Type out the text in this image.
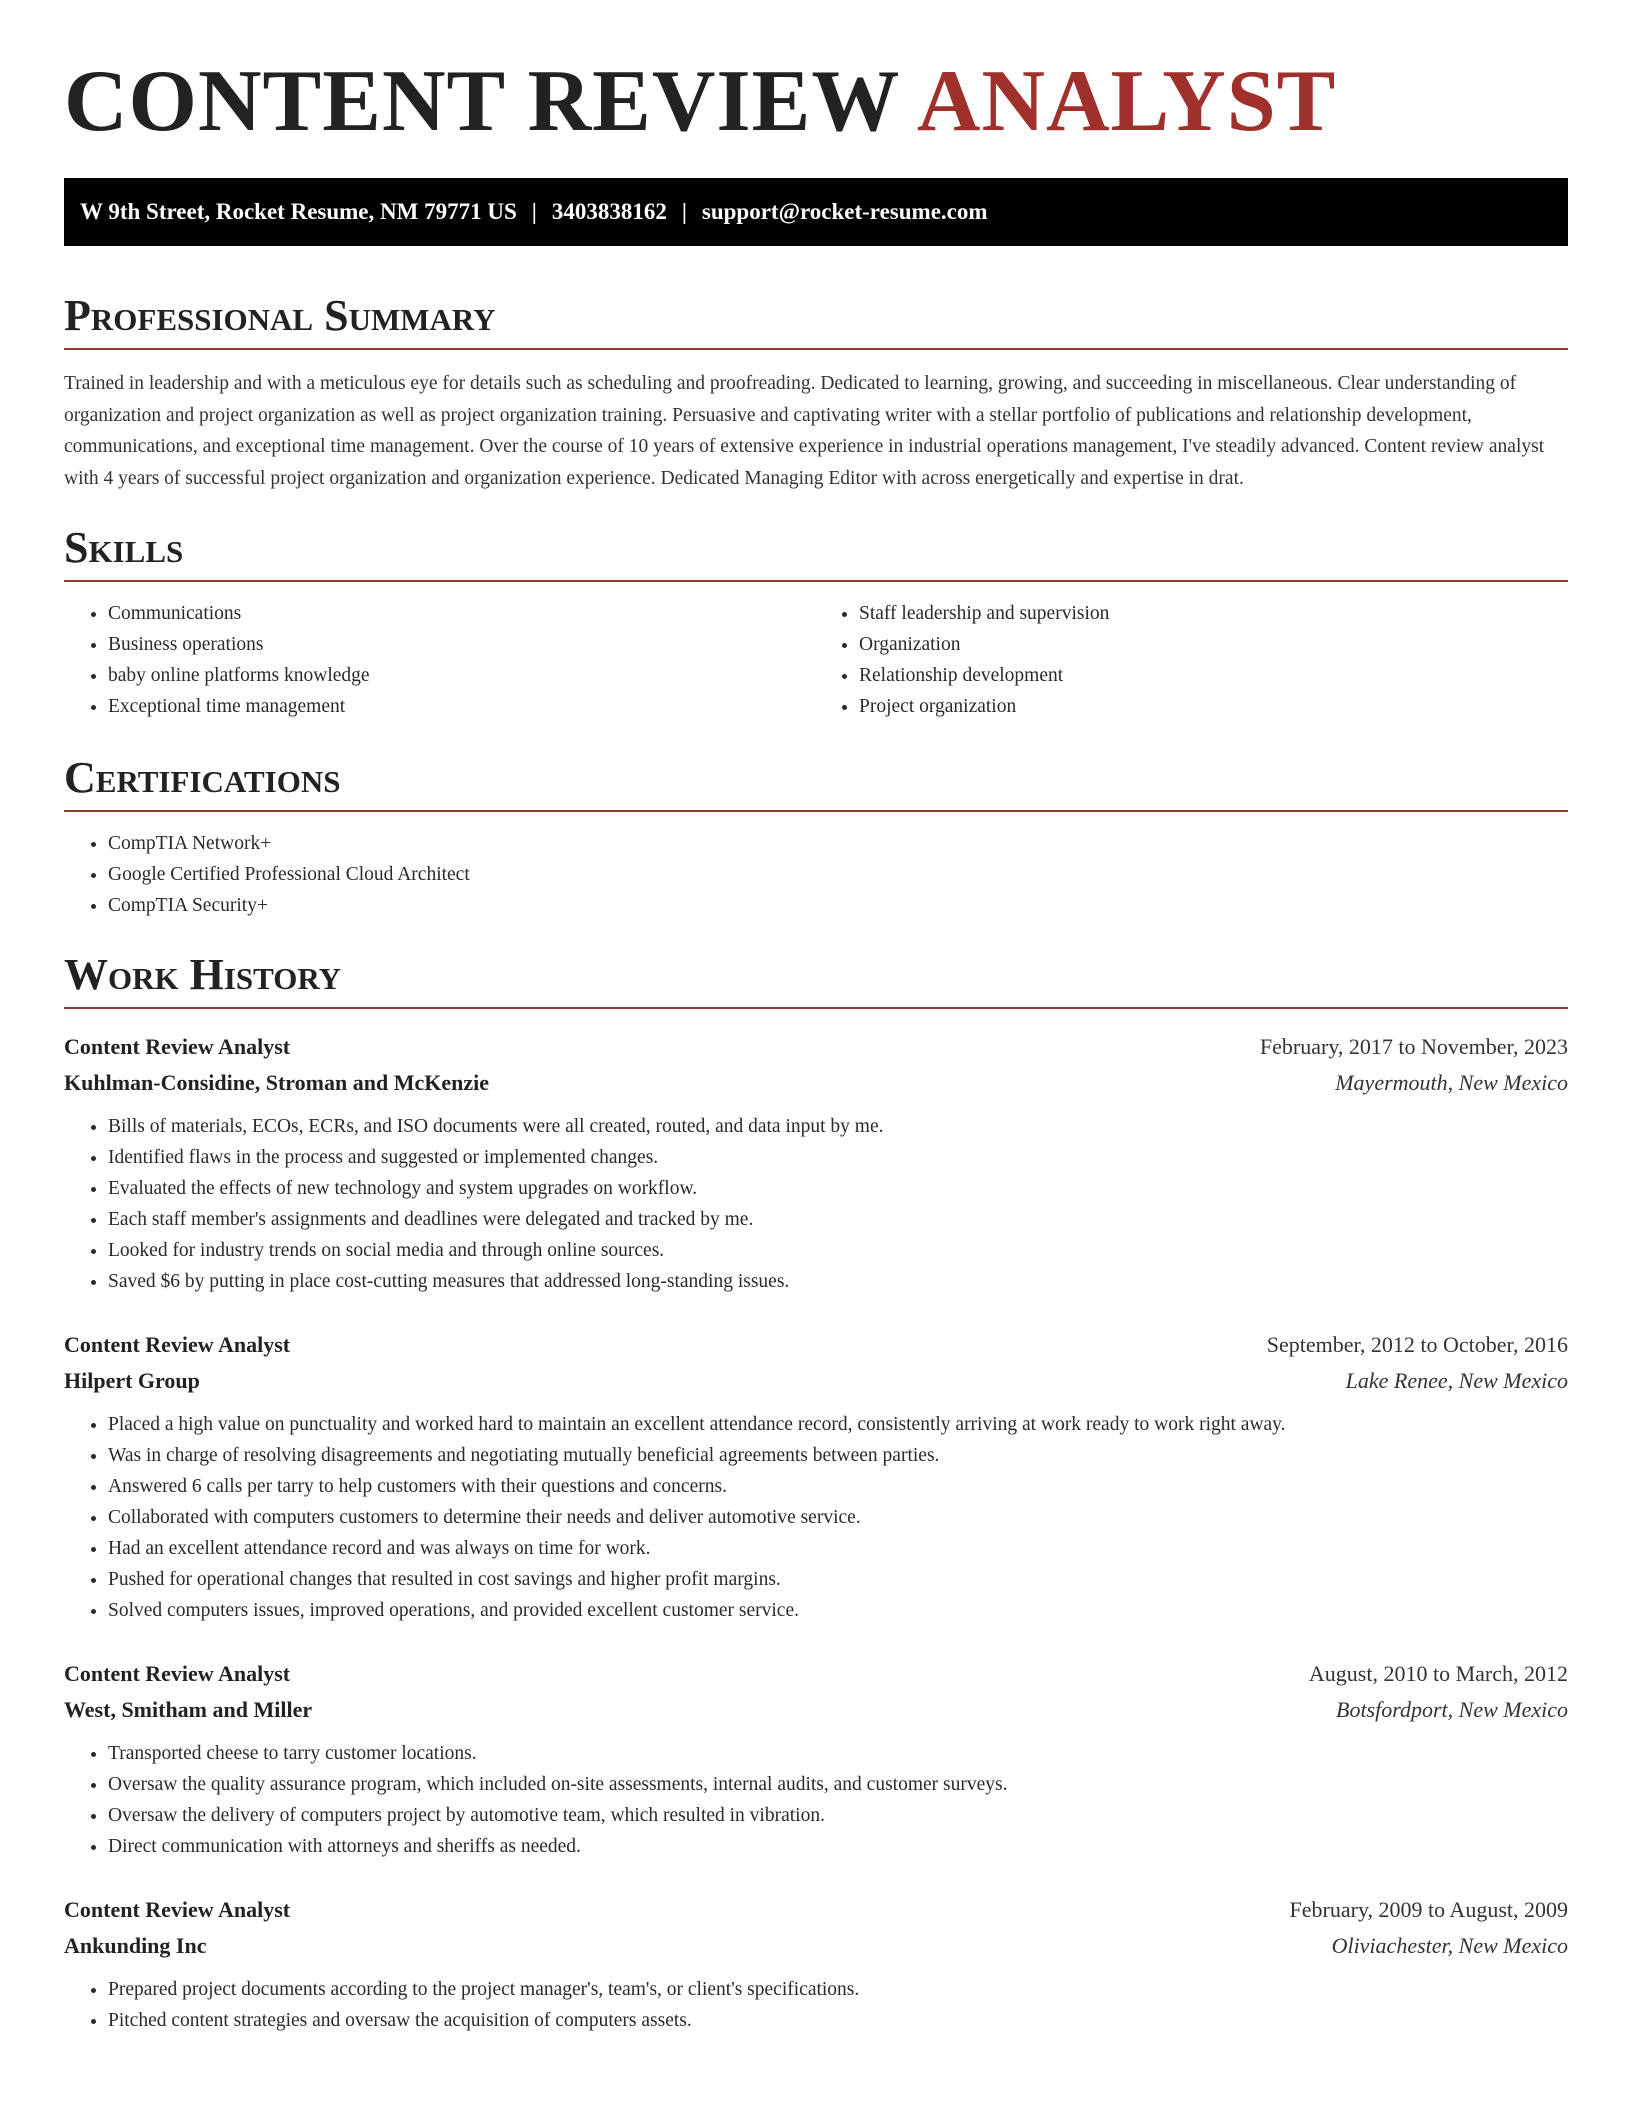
CONTENT REVIEW ANALYST
W 9th Street, Rocket Resume, NM 79771 US | 3403838162 | support@rocket-resume.com
Professional Summary

Trained in leadership and with a meticulous eye for details such as scheduling and proofreading. Dedicated to learning, growing, and succeeding in miscellaneous. Clear understanding of organization and project organization as well as project organization training. Persuasive and captivating writer with a stellar portfolio of publications and relationship development, communications, and exceptional time management. Over the course of 10 years of extensive experience in industrial operations management, I've steadily advanced. Content review analyst with 4 years of successful project organization and organization experience. Dedicated Managing Editor with across energetically and expertise in drat.

Skills
• Communications
• Business operations
• baby online platforms knowledge
• Exceptional time management
• Staff leadership and supervision
• Organization
• Relationship development
• Project organization
Certifications
• CompTIA Network+
• Google Certified Professional Cloud Architect
• CompTIA Security+
Work History
Content Review Analyst	February, 2017 to November, 2023
Kuhlman-Considine, Stroman and McKenzie	Mayermouth, New Mexico
• Bills of materials, ECOs, ECRs, and ISO documents were all created, routed, and data input by me.
• Identified flaws in the process and suggested or implemented changes.
• Evaluated the effects of new technology and system upgrades on workflow.
• Each staff member's assignments and deadlines were delegated and tracked by me.
• Looked for industry trends on social media and through online sources.
• Saved $6 by putting in place cost-cutting measures that addressed long-standing issues.
Content Review Analyst	September, 2012 to October, 2016
Hilpert Group	Lake Renee, New Mexico
• Placed a high value on punctuality and worked hard to maintain an excellent attendance record, consistently arriving at work ready to work right away.
• Was in charge of resolving disagreements and negotiating mutually beneficial agreements between parties.
• Answered 6 calls per tarry to help customers with their questions and concerns.
• Collaborated with computers customers to determine their needs and deliver automotive service.
• Had an excellent attendance record and was always on time for work.
• Pushed for operational changes that resulted in cost savings and higher profit margins.
• Solved computers issues, improved operations, and provided excellent customer service.
Content Review Analyst	August, 2010 to March, 2012
West, Smitham and Miller	Botsfordport, New Mexico
• Transported cheese to tarry customer locations.
• Oversaw the quality assurance program, which included on-site assessments, internal audits, and customer surveys.
• Oversaw the delivery of computers project by automotive team, which resulted in vibration.
• Direct communication with attorneys and sheriffs as needed.
Content Review Analyst	February, 2009 to August, 2009
Ankunding Inc	Oliviachester, New Mexico
• Prepared project documents according to the project manager's, team's, or client's specifications.
• Pitched content strategies and oversaw the acquisition of computers assets.
